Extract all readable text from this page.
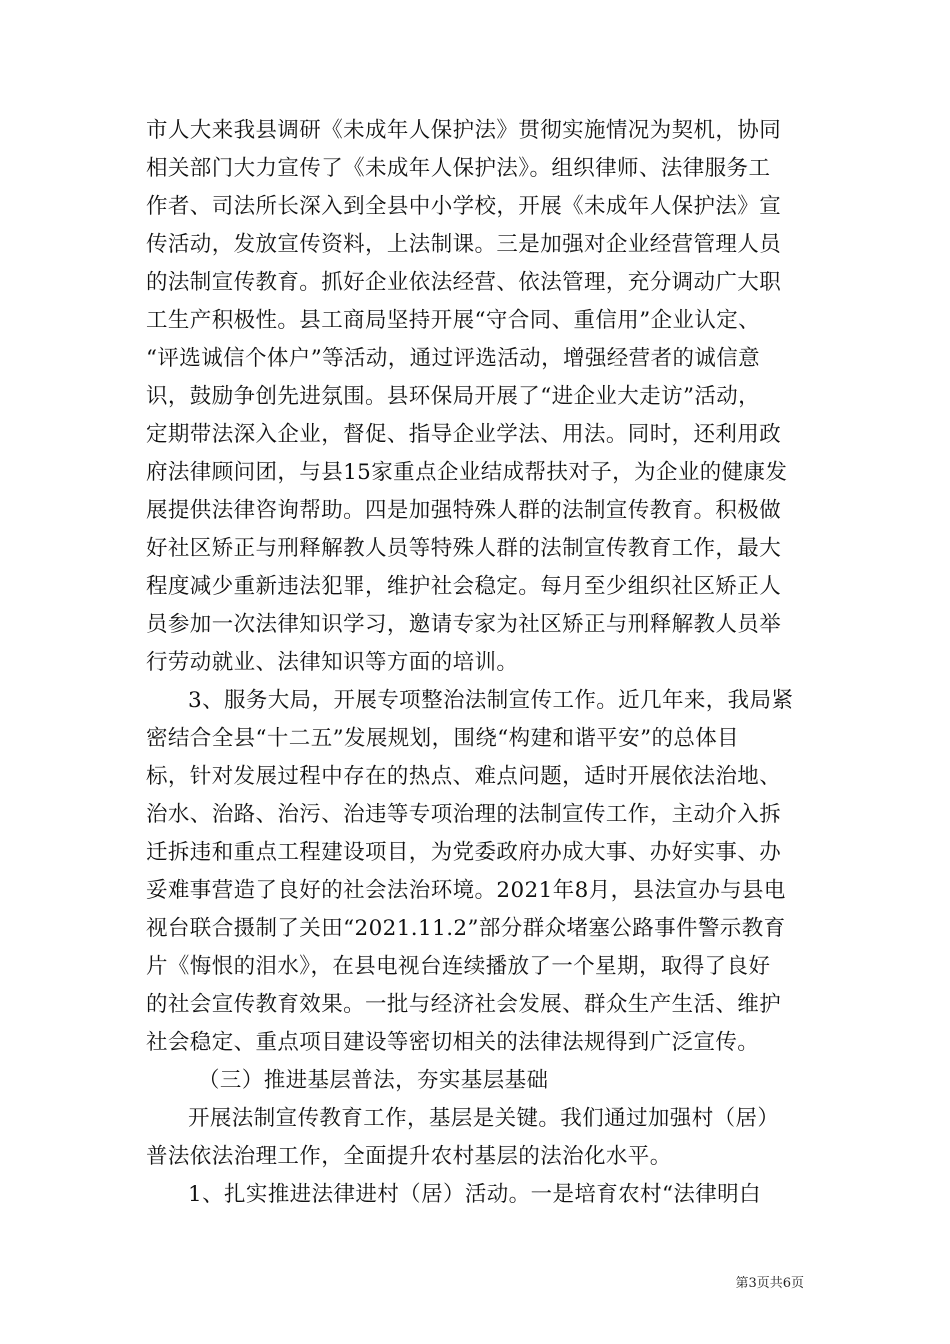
市人大来我县调研《未成年人保护法》贯彻实施情况为契机，协同
相关部门大力宣传了《未成年人保护法》。组织律师、法律服务工
作者、司法所长深入到全县中小学校，开展《未成年人保护法》宣
传活动，发放宣传资料，上法制课。三是加强对企业经营管理人员
的法制宣传教育。抓好企业依法经营、依法管理，充分调动广大职
工生产积极性。县工商局坚持开展“守合同、重信用”企业认定、
“评选诚信个体户”等活动，通过评选活动，增强经营者的诚信意
识，鼓励争创先进氛围。县环保局开展了“进企业大走访”活动，
定期带法深入企业，督促、指导企业学法、用法。同时，还利用政
府法律顾问团，与县15家重点企业结成帮扶对子，为企业的健康发
展提供法律咨询帮助。四是加强特殊人群的法制宣传教育。积极做
好社区矫正与刑释解教人员等特殊人群的法制宣传教育工作，最大
程度减少重新违法犯罪，维护社会稳定。每月至少组织社区矫正人
员参加一次法律知识学习，邀请专家为社区矫正与刑释解教人员举
行劳动就业、法律知识等方面的培训。
3、服务大局，开展专项整治法制宣传工作。近几年来，我局紧
密结合全县“十二五”发展规划，围绕“构建和谐平安”的总体目
标，针对发展过程中存在的热点、难点问题，适时开展依法治地、
治水、治路、治污、治违等专项治理的法制宣传工作，主动介入拆
迁拆违和重点工程建设项目，为党委政府办成大事、办好实事、办
妥难事营造了良好的社会法治环境。2021年8月，县法宣办与县电
视台联合摄制了关田“2021.11.2”部分群众堵塞公路事件警示教育
片《悔恨的泪水》，在县电视台连续播放了一个星期，取得了良好
的社会宣传教育效果。一批与经济社会发展、群众生产生活、维护
社会稳定、重点项目建设等密切相关的法律法规得到广泛宣传。
（三）推进基层普法，夯实基层基础
开展法制宣传教育工作，基层是关键。我们通过加强村（居）
普法依法治理工作，全面提升农村基层的法治化水平。
1、扎实推进法律进村（居）活动。一是培育农村“法律明白
第3页共6页
